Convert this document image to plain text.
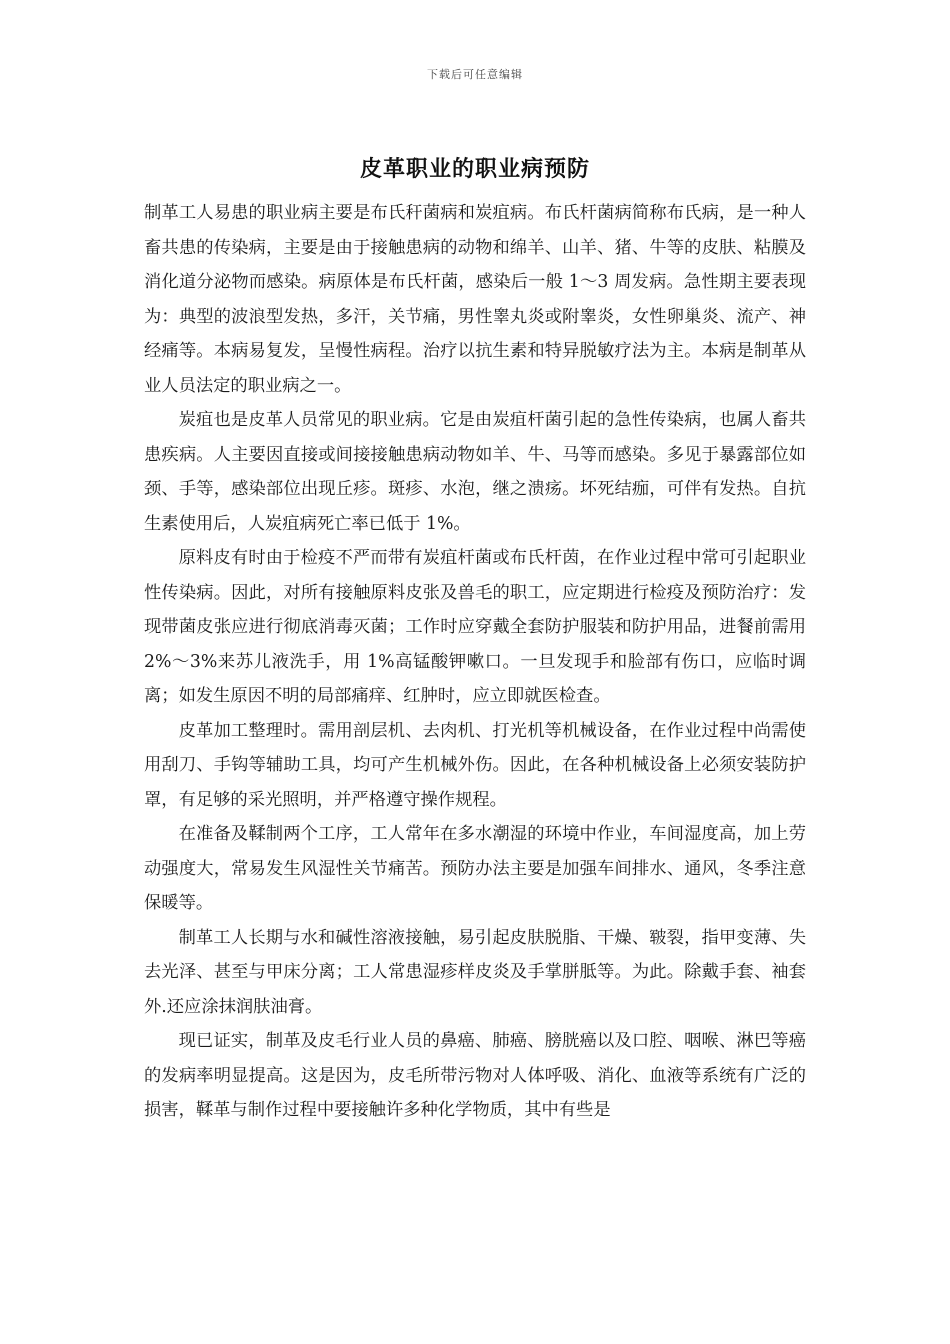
下载后可任意编辑
皮革职业的职业病预防

制革工人易患的职业病主要是布氏秆菌病和炭疽病。布氏杆菌病简称布氏病，是一种人畜共患的传染病，主要是由于接触患病的动物和绵羊、山羊、猪、牛等的皮肤、粘膜及消化道分泌物而感染。病原体是布氏杆菌，感染后一般 1～3 周发病。急性期主要表现为：典型的波浪型发热，多汗，关节痛，男性睾丸炎或附睾炎，女性卵巢炎、流产、神经痛等。本病易复发，呈慢性病程。治疗以抗生素和特异脱敏疗法为主。本病是制革从业人员法定的职业病之一。

炭疽也是皮革人员常见的职业病。它是由炭疽杆菌引起的急性传染病，也属人畜共患疾病。人主要因直接或间接接触患病动物如羊、牛、马等而感染。多见于暴露部位如颈、手等，感染部位出现丘疹。斑疹、水泡，继之溃疡。坏死结痂，可伴有发热。自抗生素使用后，人炭疽病死亡率已低于 1%。

原料皮有时由于检疫不严而带有炭疽杆菌或布氏杆茵，在作业过程中常可引起职业性传染病。因此，对所有接触原料皮张及兽毛的职工，应定期进行检疫及预防治疗：发现带菌皮张应进行彻底消毒灭菌；工作时应穿戴全套防护服装和防护用品，进餐前需用 2%～3%来苏儿液洗手，用 1%高锰酸钾嗽口。一旦发现手和脸部有伤口，应临时调离；如发生原因不明的局部痛痒、红肿时，应立即就医检查。

皮革加工整理时。需用剖层机、去肉机、打光机等机械设备，在作业过程中尚需使用刮刀、手钩等辅助工具，均可产生机械外伤。因此，在各种机械设备上必须安装防护罩，有足够的采光照明，并严格遵守操作规程。

在准备及鞣制两个工序，工人常年在多水潮湿的环境中作业，车间湿度高，加上劳动强度大，常易发生风湿性关节痛苦。预防办法主要是加强车间排水、通风，冬季注意保暖等。

制革工人长期与水和碱性溶液接触，易引起皮肤脱脂、干燥、皲裂，指甲变薄、失去光泽、甚至与甲床分离；工人常患湿疹样皮炎及手掌胼胝等。为此。除戴手套、袖套外.还应涂抹润肤油膏。

现已证实，制革及皮毛行业人员的鼻癌、肺癌、膀胱癌以及口腔、咽喉、淋巴等癌的发病率明显提高。这是因为，皮毛所带污物对人体呼吸、消化、血液等系统有广泛的损害，鞣革与制作过程中要接触许多种化学物质，其中有些是
